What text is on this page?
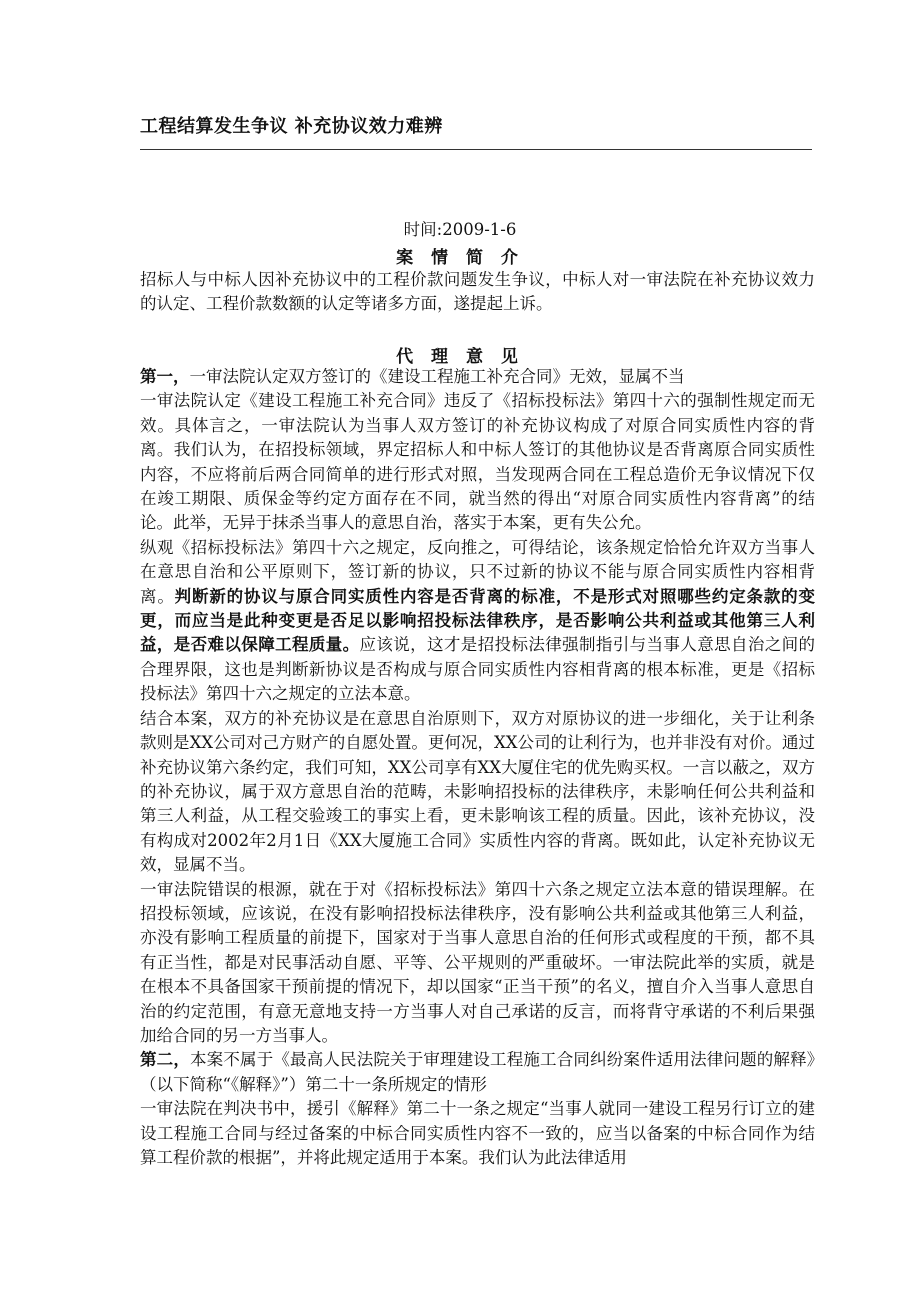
工程结算发生争议 补充协议效力难辨
时间:2009-1-6
案 情 简 介

招标人与中标人因补充协议中的工程价款问题发生争议，中标人对一审法院在补充协议效力的认定、工程价款数额的认定等诸多方面，遂提起上诉。

代 理 意 见

第一，一审法院认定双方签订的《建设工程施工补充合同》无效，显属不当

一审法院认定《建设工程施工补充合同》违反了《招标投标法》第四十六的强制性规定而无效。具体言之，一审法院认为当事人双方签订的补充协议构成了对原合同实质性内容的背离。我们认为，在招投标领域，界定招标人和中标人签订的其他协议是否背离原合同实质性内容，不应将前后两合同简单的进行形式对照，当发现两合同在工程总造价无争议情况下仅在竣工期限、质保金等约定方面存在不同，就当然的得出“对原合同实质性内容背离”的结论。此举，无异于抹杀当事人的意思自治，落实于本案，更有失公允。

纵观《招标投标法》第四十六之规定，反向推之，可得结论，该条规定恰恰允许双方当事人在意思自治和公平原则下，签订新的协议，只不过新的协议不能与原合同实质性内容相背离。判断新的协议与原合同实质性内容是否背离的标准，不是形式对照哪些约定条款的变更，而应当是此种变更是否足以影响招投标法律秩序，是否影响公共利益或其他第三人利益，是否难以保障工程质量。应该说，这才是招投标法律强制指引与当事人意思自治之间的合理界限，这也是判断新协议是否构成与原合同实质性内容相背离的根本标准，更是《招标投标法》第四十六之规定的立法本意。

结合本案，双方的补充协议是在意思自治原则下，双方对原协议的进一步细化，关于让利条款则是XX公司对己方财产的自愿处置。更何况，XX公司的让利行为，也并非没有对价。通过补充协议第六条约定，我们可知，XX公司享有XX大厦住宅的优先购买权。一言以蔽之，双方的补充协议，属于双方意思自治的范畴，未影响招投标的法律秩序，未影响任何公共利益和第三人利益，从工程交验竣工的事实上看，更未影响该工程的质量。因此，该补充协议，没有构成对2002年2月1日《XX大厦施工合同》实质性内容的背离。既如此，认定补充协议无效，显属不当。

一审法院错误的根源，就在于对《招标投标法》第四十六条之规定立法本意的错误理解。在招投标领域，应该说，在没有影响招投标法律秩序，没有影响公共利益或其他第三人利益，亦没有影响工程质量的前提下，国家对于当事人意思自治的任何形式或程度的干预，都不具有正当性，都是对民事活动自愿、平等、公平规则的严重破坏。一审法院此举的实质，就是在根本不具备国家干预前提的情况下，却以国家“正当干预”的名义，擅自介入当事人意思自治的约定范围，有意无意地支持一方当事人对自己承诺的反言，而将背守承诺的不利后果强加给合同的另一方当事人。

第二，本案不属于《最高人民法院关于审理建设工程施工合同纠纷案件适用法律问题的解释》（以下简称“《解释》”）第二十一条所规定的情形

一审法院在判决书中，援引《解释》第二十一条之规定“当事人就同一建设工程另行订立的建设工程施工合同与经过备案的中标合同实质性内容不一致的，应当以备案的中标合同作为结算工程价款的根据”，并将此规定适用于本案。我们认为此法律适用
